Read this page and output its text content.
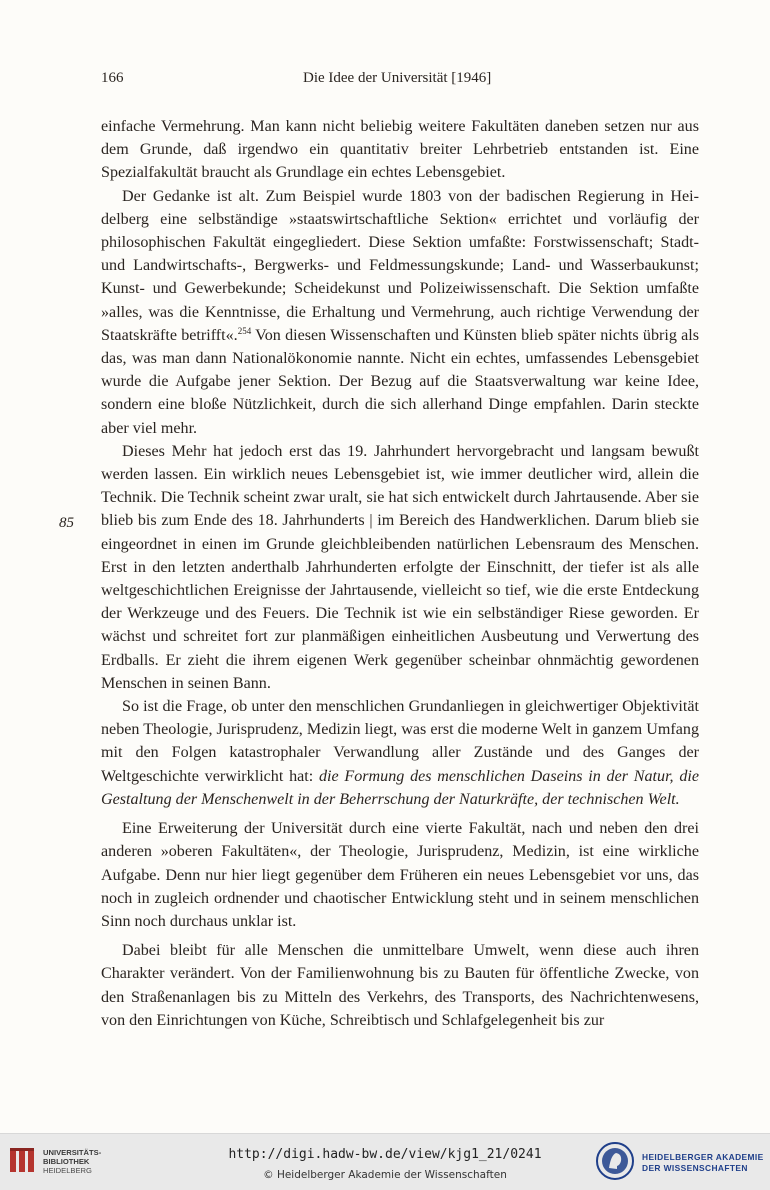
166	Die Idee der Universität [1946]
85

einfache Vermehrung. Man kann nicht beliebig weitere Fakultäten daneben setzen nur aus dem Grunde, daß irgendwo ein quantitativ breiter Lehrbetrieb entstanden ist. Eine Spezialfakultät braucht als Grundlage ein echtes Lebensgebiet.

Der Gedanke ist alt. Zum Beispiel wurde 1803 von der badischen Regierung in Heidelberg eine selbständige »staatswirtschaftliche Sektion« errichtet und vorläufig der philosophischen Fakultät eingegliedert. Diese Sektion umfaßte: Forstwissenschaft; Stadt- und Landwirtschafts-, Bergwerks- und Feldmessungskunde; Land- und Wasserbaukunst; Kunst- und Gewerbekunde; Scheidekunst und Polizeiwissenschaft. Die Sektion umfaßte »alles, was die Kenntnisse, die Erhaltung und Vermehrung, auch richtige Verwendung der Staatskräfte betrifft«.$^{254}$ Von diesen Wissenschaften und Künsten blieb später nichts übrig als das, was man dann Nationalökonomie nannte. Nicht ein echtes, umfassendes Lebensgebiet wurde die Aufgabe jener Sektion. Der Bezug auf die Staatsverwaltung war keine Idee, sondern eine bloße Nützlichkeit, durch die sich allerhand Dinge empfahlen. Darin steckte aber viel mehr.

Dieses Mehr hat jedoch erst das 19. Jahrhundert hervorgebracht und langsam bewußt werden lassen. Ein wirklich neues Lebensgebiet ist, wie immer deutlicher wird, allein die Technik. Die Technik scheint zwar uralt, sie hat sich entwickelt durch Jahrtausende. Aber sie blieb bis zum Ende des 18. Jahrhunderts | im Bereich des Handwerklichen. Darum blieb sie eingeordnet in einen im Grunde gleichbleibenden natürlichen Lebensraum des Menschen. Erst in den letzten anderthalb Jahrhunderten erfolgte der Einschnitt, der tiefer ist als alle weltgeschichtlichen Ereignisse der Jahrtausende, vielleicht so tief, wie die erste Entdeckung der Werkzeuge und des Feuers. Die Technik ist wie ein selbständiger Riese geworden. Er wächst und schreitet fort zur planmäßigen einheitlichen Ausbeutung und Verwertung des Erdballs. Er zieht die ihrem eigenen Werk gegenüber scheinbar ohnmächtig gewordenen Menschen in seinen Bann.

So ist die Frage, ob unter den menschlichen Grundanliegen in gleichwertiger Objektivität neben Theologie, Jurisprudenz, Medizin liegt, was erst die moderne Welt in ganzem Umfang mit den Folgen katastrophaler Verwandlung aller Zustände und des Ganges der Weltgeschichte verwirklicht hat: die Formung des menschlichen Daseins in der Natur, die Gestaltung der Menschenwelt in der Beherrschung der Naturkräfte, der technischen Welt.

Eine Erweiterung der Universität durch eine vierte Fakultät, nach und neben den drei anderen »oberen Fakultäten«, der Theologie, Jurisprudenz, Medizin, ist eine wirkliche Aufgabe. Denn nur hier liegt gegenüber dem Früheren ein neues Lebensgebiet vor uns, das noch in zugleich ordnender und chaotischer Entwicklung steht und in seinem menschlichen Sinn noch durchaus unklar ist.

Dabei bleibt für alle Menschen die unmittelbare Umwelt, wenn diese auch ihren Charakter verändert. Von der Familienwohnung bis zu Bauten für öffentliche Zwecke, von den Straßenanlagen bis zu Mitteln des Verkehrs, des Transports, des Nachrichtenwesens, von den Einrichtungen von Küche, Schreibtisch und Schlafgelegenheit bis zur

UNIVERSITÄTS-
BIBLIOTHEK
HEIDELBERG
http://digi.hadw-bw.de/view/kjg1_21/0241
© Heidelberger Akademie der Wissenschaften
HEIDELBERGER AKADEMIE
DER WISSENSCHAFTEN
